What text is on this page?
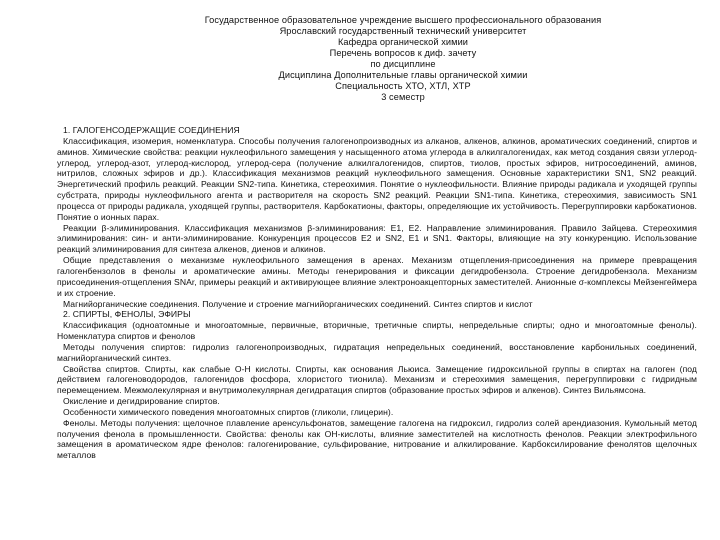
Государственное образовательное учреждение высшего профессионального образования
Ярославский государственный технический университет
Кафедра органической химии
Перечень вопросов к диф. зачету
по дисциплине
Дисциплина Дополнительные главы органической химии
Специальность ХТО, ХТЛ, ХТР
3 семестр

1. ГАЛОГЕНСОДЕРЖАЩИЕ СОЕДИНЕНИЯ

Классификация, изомерия, номенклатура. Способы получения галогенопроизводных из алканов, алкенов, алкинов, ароматических соединений, спиртов и аминов. Химические свойства: реакции нуклеофильного замещения у насыщенного атома углерода в алкилгалогенидах, как метод создания связи углерод-углерод, углерод-азот, углерод-кислород, углерод-сера (получение алкилгалогенидов, спиртов, тиолов, простых эфиров, нитросоединений, аминов, нитрилов, сложных эфиров и др.). Классификация механизмов реакций нуклеофильного замещения. Основные характеристики SN1, SN2 реакций. Энергетический профиль реакций. Реакции SN2-типа. Кинетика, стереохимия. Понятие о нуклеофильности. Влияние природы радикала и уходящей группы субстрата, природы нуклеофильного агента и растворителя на скорость SN2 реакций. Реакции SN1-типа. Кинетика, стереохимия, зависимость SN1 процесса от природы радикала, уходящей группы, растворителя. Карбокатионы, факторы, определяющие их устойчивость. Перегруппировки карбокатионов. Понятие о ионных парах.

Реакции β-элиминирования. Классификация механизмов β-элиминирования: Е1, Е2. Направление элиминирования. Правило Зайцева. Стереохимия элиминирования: син- и анти-элиминирование. Конкуренция процессов Е2 и SN2, Е1 и SN1. Факторы, влияющие на эту конкуренцию. Использование реакций элиминирования для синтеза алкенов, диенов и алкинов.

Общие представления о механизме нуклеофильного замещения в аренах. Механизм отщепления-присоединения на примере превращения галогенбензолов в фенолы и ароматические амины. Методы генерирования и фиксации дегидробензола. Строение дегидробензола. Механизм присоединения-отщепления SNAr, примеры реакций и активирующее влияние электроноакцепторных заместителей. Анионные σ-комплексы Мейзенгеймера и их строение.

Магнийорганические соединения. Получение и строение магнийорганических соединений. Синтез спиртов и кислот

2. СПИРТЫ, ФЕНОЛЫ, ЭФИРЫ

Классификация (одноатомные и многоатомные, первичные, вторичные, третичные спирты, непредельные спирты; одно и многоатомные фенолы). Номенклатура спиртов и фенолов

Методы получения спиртов: гидролиз галогенопроизводных, гидратация непредельных соединений, восстановление карбонильных соединений, магнийорганический синтез.

Свойства спиртов. Спирты, как слабые О-Н кислоты. Спирты, как основания Льюиса. Замещение гидроксильной группы в спиртах на галоген (под действием галогеноводородов, галогенидов фосфора, хлористого тионила). Механизм и стереохимия замещения, перегруппировки с гидридным перемещением. Межмолекулярная и внутримолекулярная дегидратация спиртов (образование простых эфиров и алкенов). Синтез Вильямсона.

Окисление и дегидрирование спиртов.

Особенности химического поведения многоатомных спиртов (гликоли, глицерин).

Фенолы. Методы получения: щелочное плавление аренсульфонатов, замещение галогена на гидроксил, гидролиз солей арендиазония. Кумольный метод получения фенола в промышленности. Свойства: фенолы как ОН-кислоты, влияние заместителей на кислотность фенолов. Реакции электрофильного замещения в ароматическом ядре фенолов: галогенирование, сульфирование, нитрование и алкилирование. Карбоксилирование фенолятов щелочных металлов
